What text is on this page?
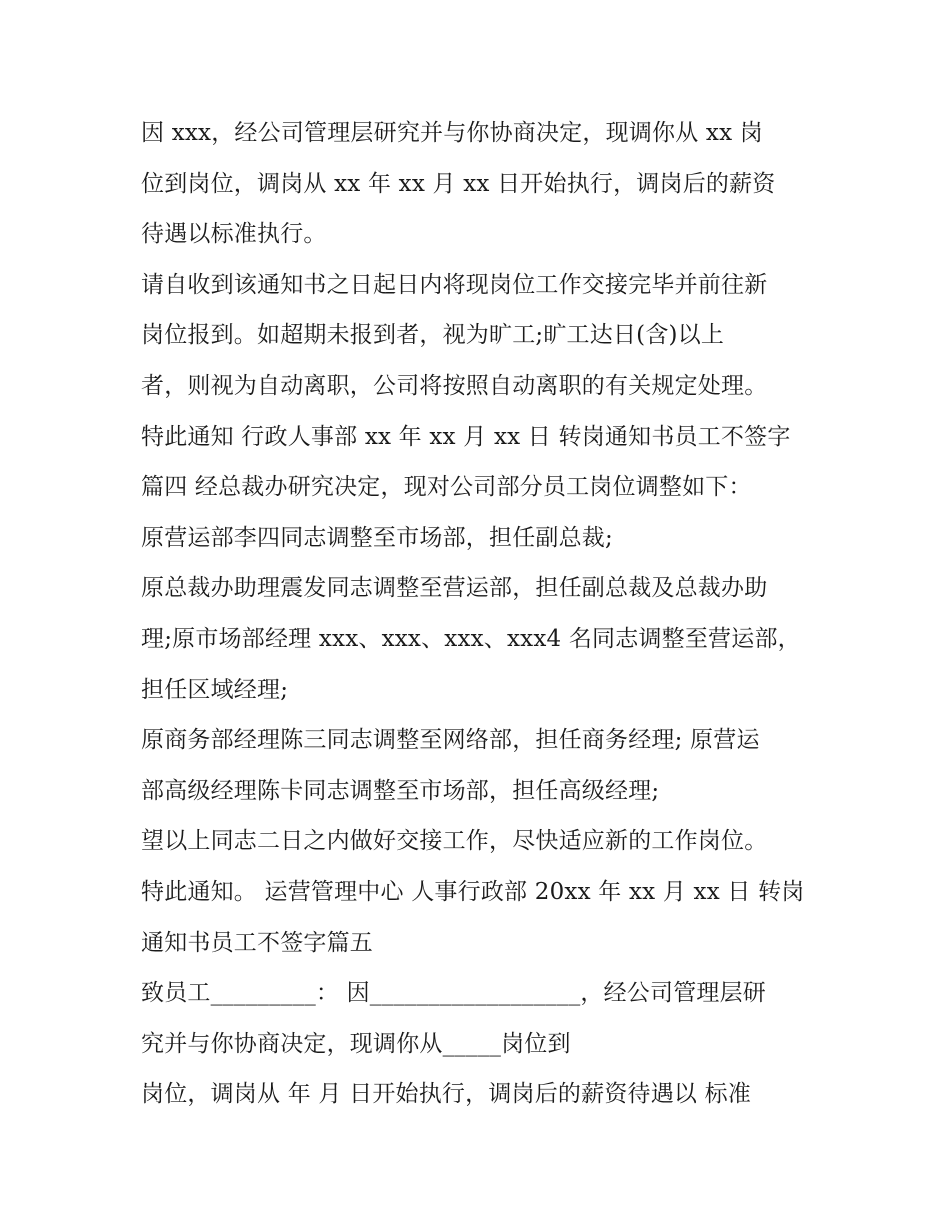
因 xxx，经公司管理层研究并与你协商决定，现调你从 xx 岗
位到岗位，调岗从 xx 年 xx 月 xx 日开始执行，调岗后的薪资
待遇以标准执行。
请自收到该通知书之日起日内将现岗位工作交接完毕并前往新
岗位报到。如超期未报到者，视为旷工;旷工达日(含)以上
者，则视为自动离职，公司将按照自动离职的有关规定处理。
特此通知 行政人事部 xx 年 xx 月 xx 日 转岗通知书员工不签字
篇四 经总裁办研究决定，现对公司部分员工岗位调整如下：
原营运部李四同志调整至市场部，担任副总裁;
原总裁办助理震发同志调整至营运部，担任副总裁及总裁办助
理;原市场部经理 xxx、xxx、xxx、xxx4 名同志调整至营运部，
担任区域经理;
原商务部经理陈三同志调整至网络部，担任商务经理; 原营运
部高级经理陈卡同志调整至市场部，担任高级经理;
望以上同志二日之内做好交接工作，尽快适应新的工作岗位。
特此通知。 运营管理中心 人事行政部 20xx 年 xx 月 xx 日 转岗
通知书员工不签字篇五
致员工_________： 因__________________，经公司管理层研
究并与你协商决定，现调你从_____岗位到
岗位，调岗从 年 月 日开始执行，调岗后的薪资待遇以 标准
